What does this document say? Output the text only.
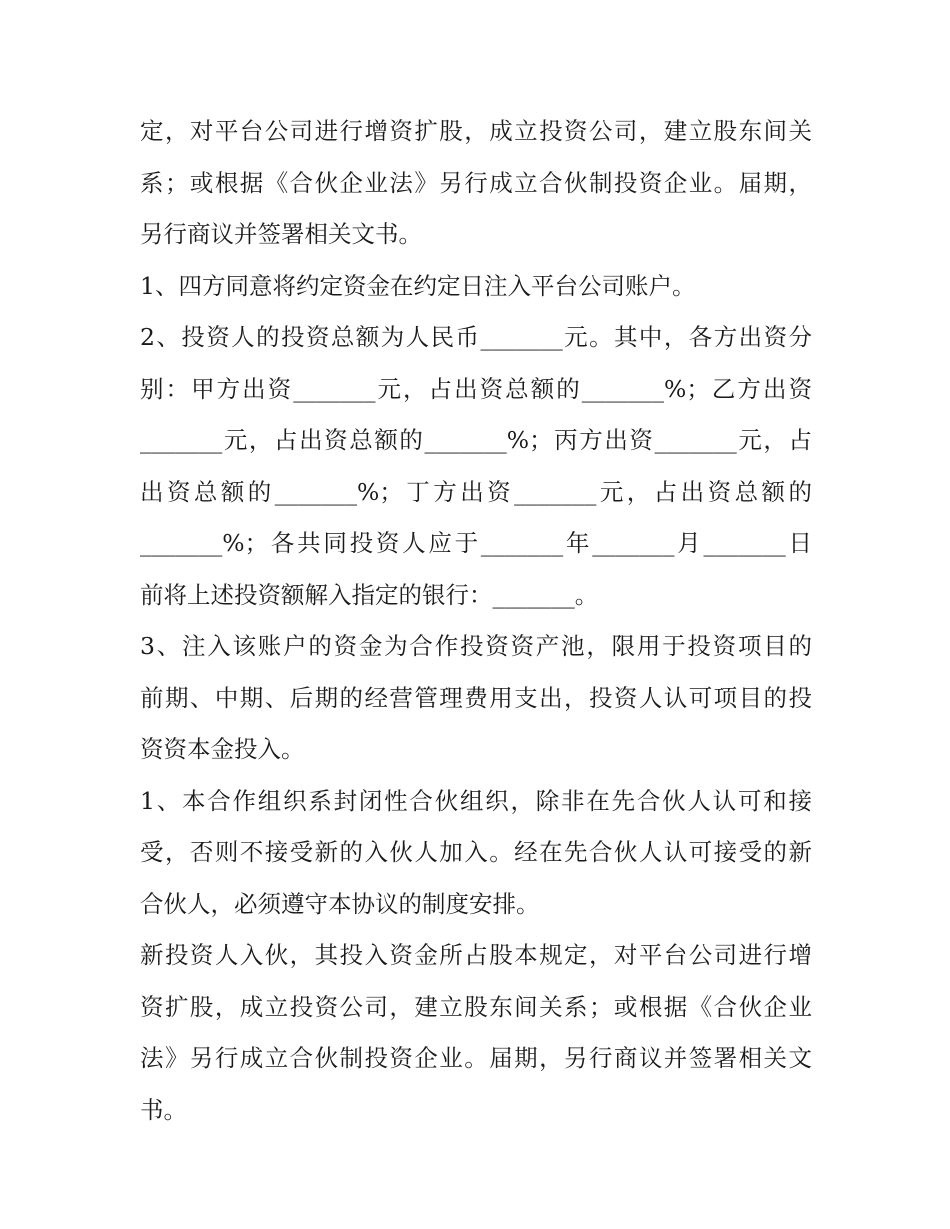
定，对平台公司进行增资扩股，成立投资公司，建立股东间关
系；或根据《合伙企业法》另行成立合伙制投资企业。届期，
另行商议并签署相关文书。
1、四方同意将约定资金在约定日注入平台公司账户。
2、投资人的投资总额为人民币_______元。其中，各方出资分
别：甲方出资_______元，占出资总额的_______%；乙方出资
_______元，占出资总额的_______%；丙方出资_______元，占
出资总额的_______%；丁方出资_______元，占出资总额的
_______%；各共同投资人应于_______年_______月_______日
前将上述投资额解入指定的银行：_______。
3、注入该账户的资金为合作投资资产池，限用于投资项目的
前期、中期、后期的经营管理费用支出，投资人认可项目的投
资资本金投入。
1、本合作组织系封闭性合伙组织，除非在先合伙人认可和接
受，否则不接受新的入伙人加入。经在先合伙人认可接受的新
合伙人，必须遵守本协议的制度安排。
新投资人入伙，其投入资金所占股本规定，对平台公司进行增
资扩股，成立投资公司，建立股东间关系；或根据《合伙企业
法》另行成立合伙制投资企业。届期，另行商议并签署相关文
书。
